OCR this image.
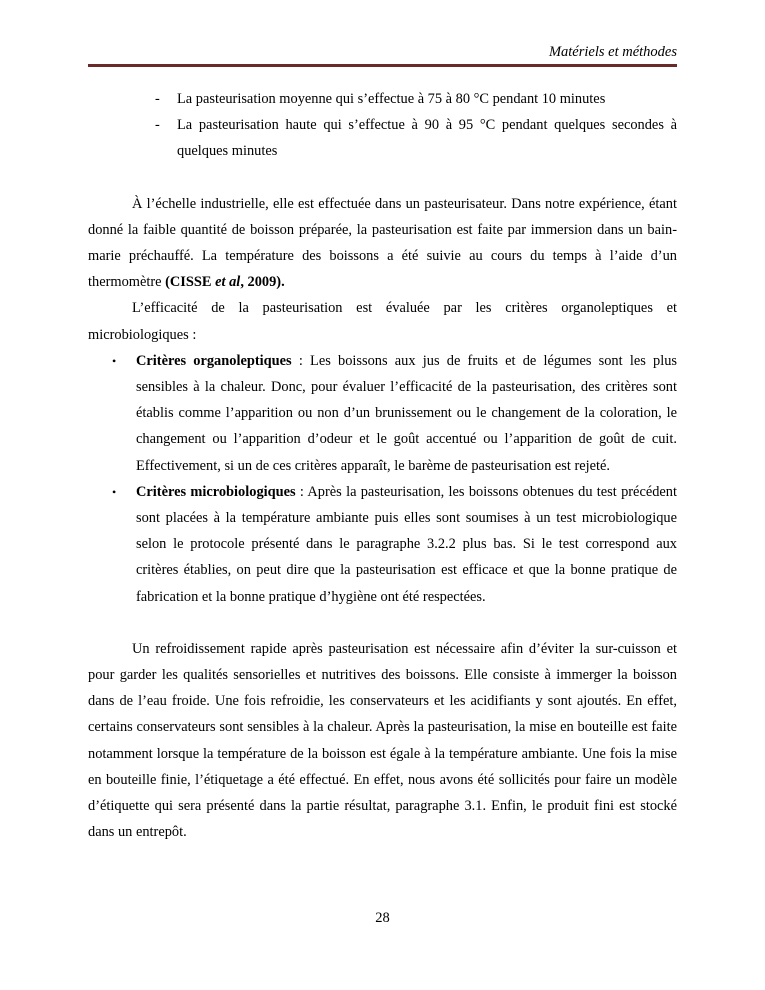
Matériels et méthodes
- La pasteurisation moyenne qui s’effectue à 75 à 80 °C pendant 10 minutes
- La pasteurisation haute qui s’effectue à 90 à 95 °C pendant quelques secondes à quelques minutes

À l’échelle industrielle, elle est effectuée dans un pasteurisateur. Dans notre expérience, étant donné la faible quantité de boisson préparée, la pasteurisation est faite par immersion dans un bain-marie préchauffé. La température des boissons a été suivie au cours du temps à l’aide d’un thermomètre (CISSE et al, 2009).

L’efficacité de la pasteurisation est évaluée par les critères organoleptiques et microbiologiques :

• Critères organoleptiques : Les boissons aux jus de fruits et de légumes sont les plus sensibles à la chaleur. Donc, pour évaluer l’efficacité de la pasteurisation, des critères sont établis comme l’apparition ou non d’un brunissement ou le changement de la coloration, le changement ou l’apparition d’odeur et le goût accentué ou l’apparition de goût de cuit. Effectivement, si un de ces critères apparaît, le barème de pasteurisation est rejeté.
• Critères microbiologiques : Après la pasteurisation, les boissons obtenues du test précédent sont placées à la température ambiante puis elles sont soumises à un test microbiologique selon le protocole présenté dans le paragraphe 3.2.2 plus bas. Si le test correspond aux critères établies, on peut dire que la pasteurisation est efficace et que la bonne pratique de fabrication et la bonne pratique d’hygiène ont été respectées.

Un refroidissement rapide après pasteurisation est nécessaire afin d’éviter la sur-cuisson et pour garder les qualités sensorielles et nutritives des boissons. Elle consiste à immerger la boisson dans de l’eau froide. Une fois refroidie, les conservateurs et les acidifiants y sont ajoutés. En effet, certains conservateurs sont sensibles à la chaleur. Après la pasteurisation, la mise en bouteille est faite notamment lorsque la température de la boisson est égale à la température ambiante. Une fois la mise en bouteille finie, l’étiquetage a été effectué. En effet, nous avons été sollicités pour faire un modèle d’étiquette qui sera présenté dans la partie résultat, paragraphe 3.1. Enfin, le produit fini est stocké dans un entrepôt.

28
